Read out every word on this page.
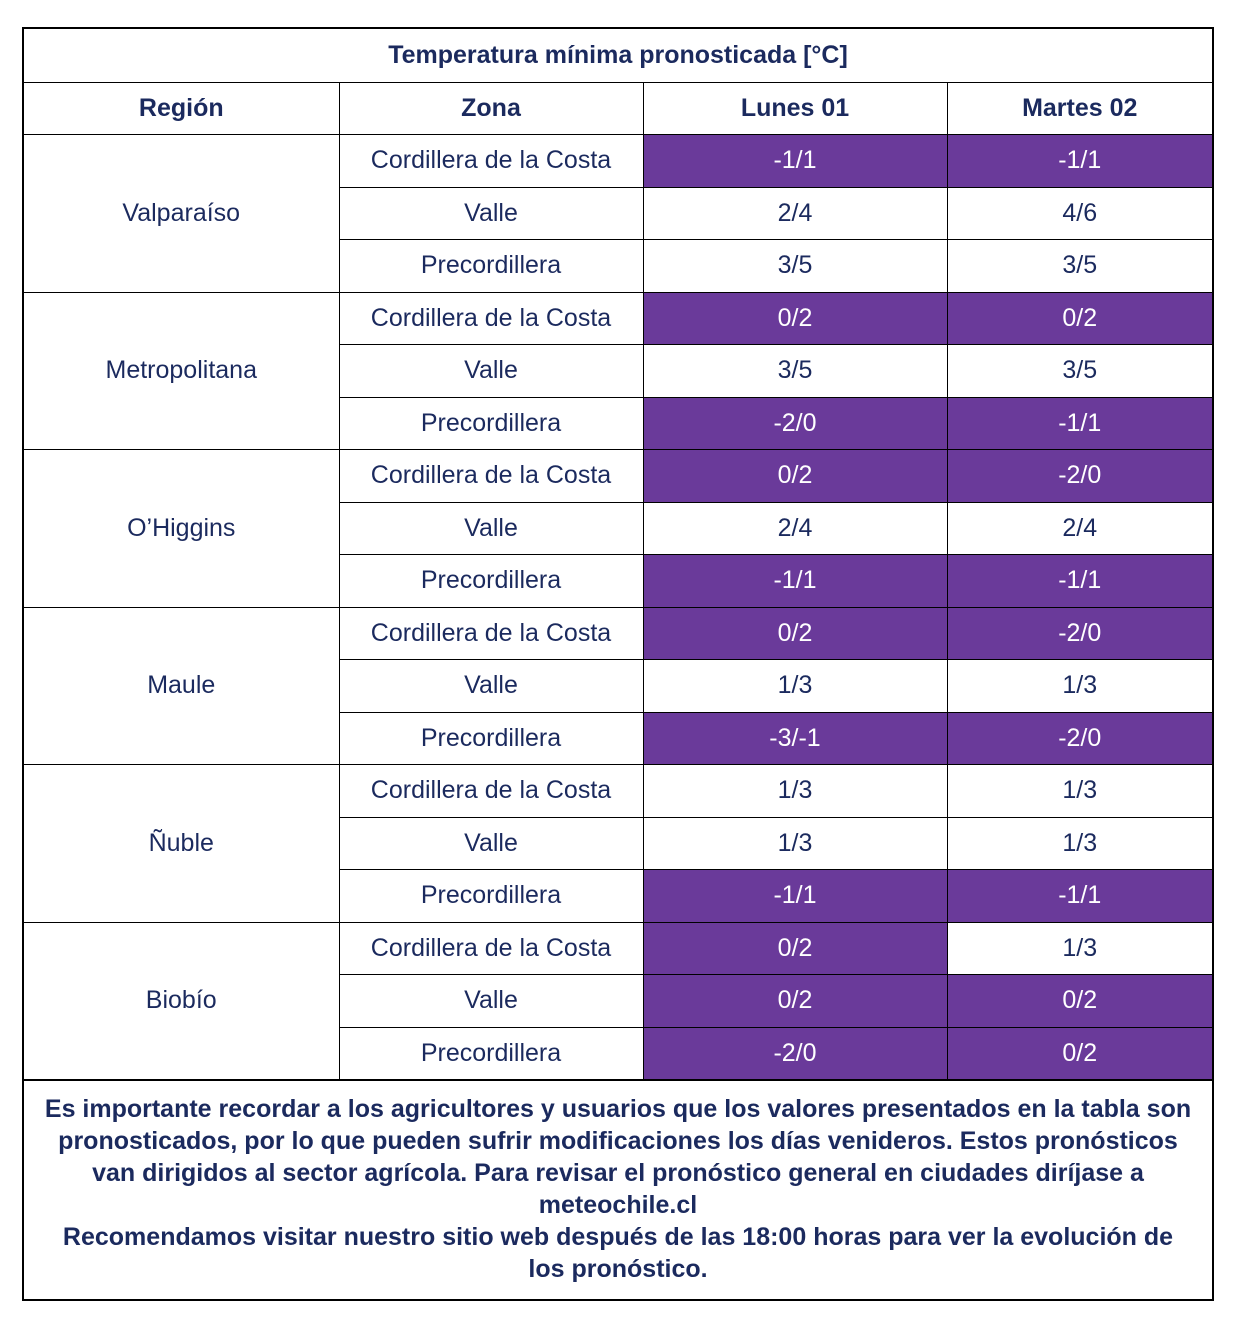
Temperatura mínima pronosticada [°C]			
Región	Zona	Lunes 01	Martes 02
Valparaíso	Cordillera de la Costa	-1/1	-1/1
	Valle	2/4	4/6
	Precordillera	3/5	3/5
Metropolitana	Cordillera de la Costa	0/2	0/2
	Valle	3/5	3/5
	Precordillera	-2/0	-1/1
O’Higgins	Cordillera de la Costa	0/2	-2/0
	Valle	2/4	2/4
	Precordillera	-1/1	-1/1
Maule	Cordillera de la Costa	0/2	-2/0
	Valle	1/3	1/3
	Precordillera	-3/-1	-2/0
Ñuble	Cordillera de la Costa	1/3	1/3
	Valle	1/3	1/3
	Precordillera	-1/1	-1/1
Biobío	Cordillera de la Costa	0/2	1/3
	Valle	0/2	0/2
	Precordillera	-2/0	0/2

Es importante recordar a los agricultores y usuarios que los valores presentados en la tabla son pronosticados, por lo que pueden sufrir modificaciones los días venideros. Estos pronósticos van dirigidos al sector agrícola. Para revisar el pronóstico general en ciudades diríjase a meteochile.cl

Recomendamos visitar nuestro sitio web después de las 18:00 horas para ver la evolución de los pronóstico.
